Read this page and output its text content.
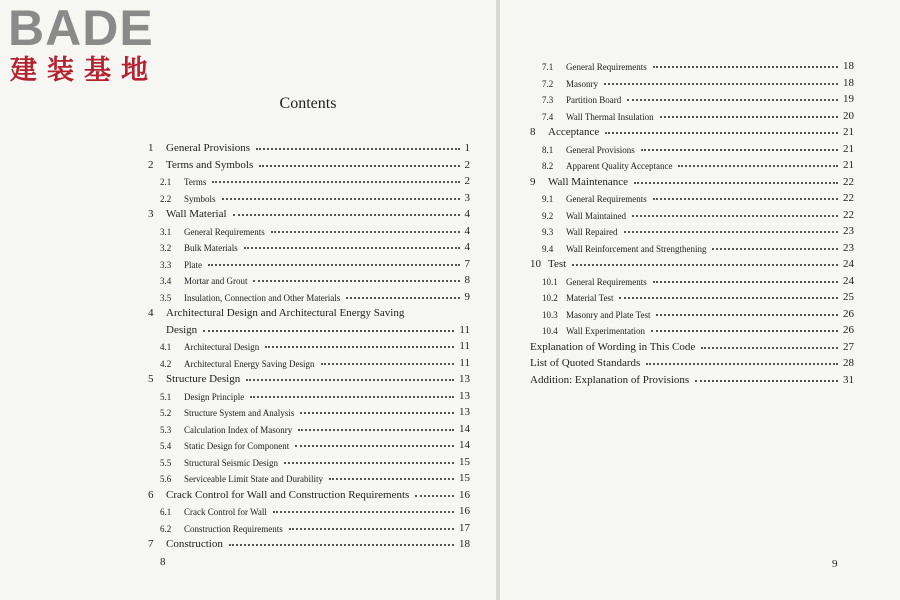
BADE
建装基地
Contents
1	General Provisions	1
2	Terms and Symbols	2
2.1	Terms	2
2.2	Symbols	3
3	Wall Material	4
3.1	General Requirements	4
3.2	Bulk Materials	4
3.3	Plate	7
3.4	Mortar and Grout	8
3.5	Insulation, Connection and Other Materials	9
4	Architectural Design and Architectural Energy Saving
Design	11
4.1	Architectural Design	11
4.2	Architectural Energy Saving Design	11
5	Structure Design	13
5.1	Design Principle	13
5.2	Structure System and Analysis	13
5.3	Calculation Index of Masonry	14
5.4	Static Design for Component	14
5.5	Structural Seismic Design	15
5.6	Serviceable Limit State and Durability	15
6	Crack Control for Wall and Construction Requirements	16
6.1	Crack Control for Wall	16
6.2	Construction Requirements	17
7	Construction	18
8
7.1	General Requirements	18
7.2	Masonry	18
7.3	Partition Board	19
7.4	Wall Thermal Insulation	20
8	Acceptance	21
8.1	General Provisions	21
8.2	Apparent Quality Acceptance	21
9	Wall Maintenance	22
9.1	General Requirements	22
9.2	Wall Maintained	22
9.3	Wall Repaired	23
9.4	Wall Reinforcement and Strengthening	23
10 Test	24
10.1 General Requirements	24
10.2 Material Test	25
10.3 Masonry and Plate Test	26
10.4 Wall Experimentation	26
Explanation of Wording in This Code	27
List of Quoted Standards	28
Addition: Explanation of Provisions	31
9
